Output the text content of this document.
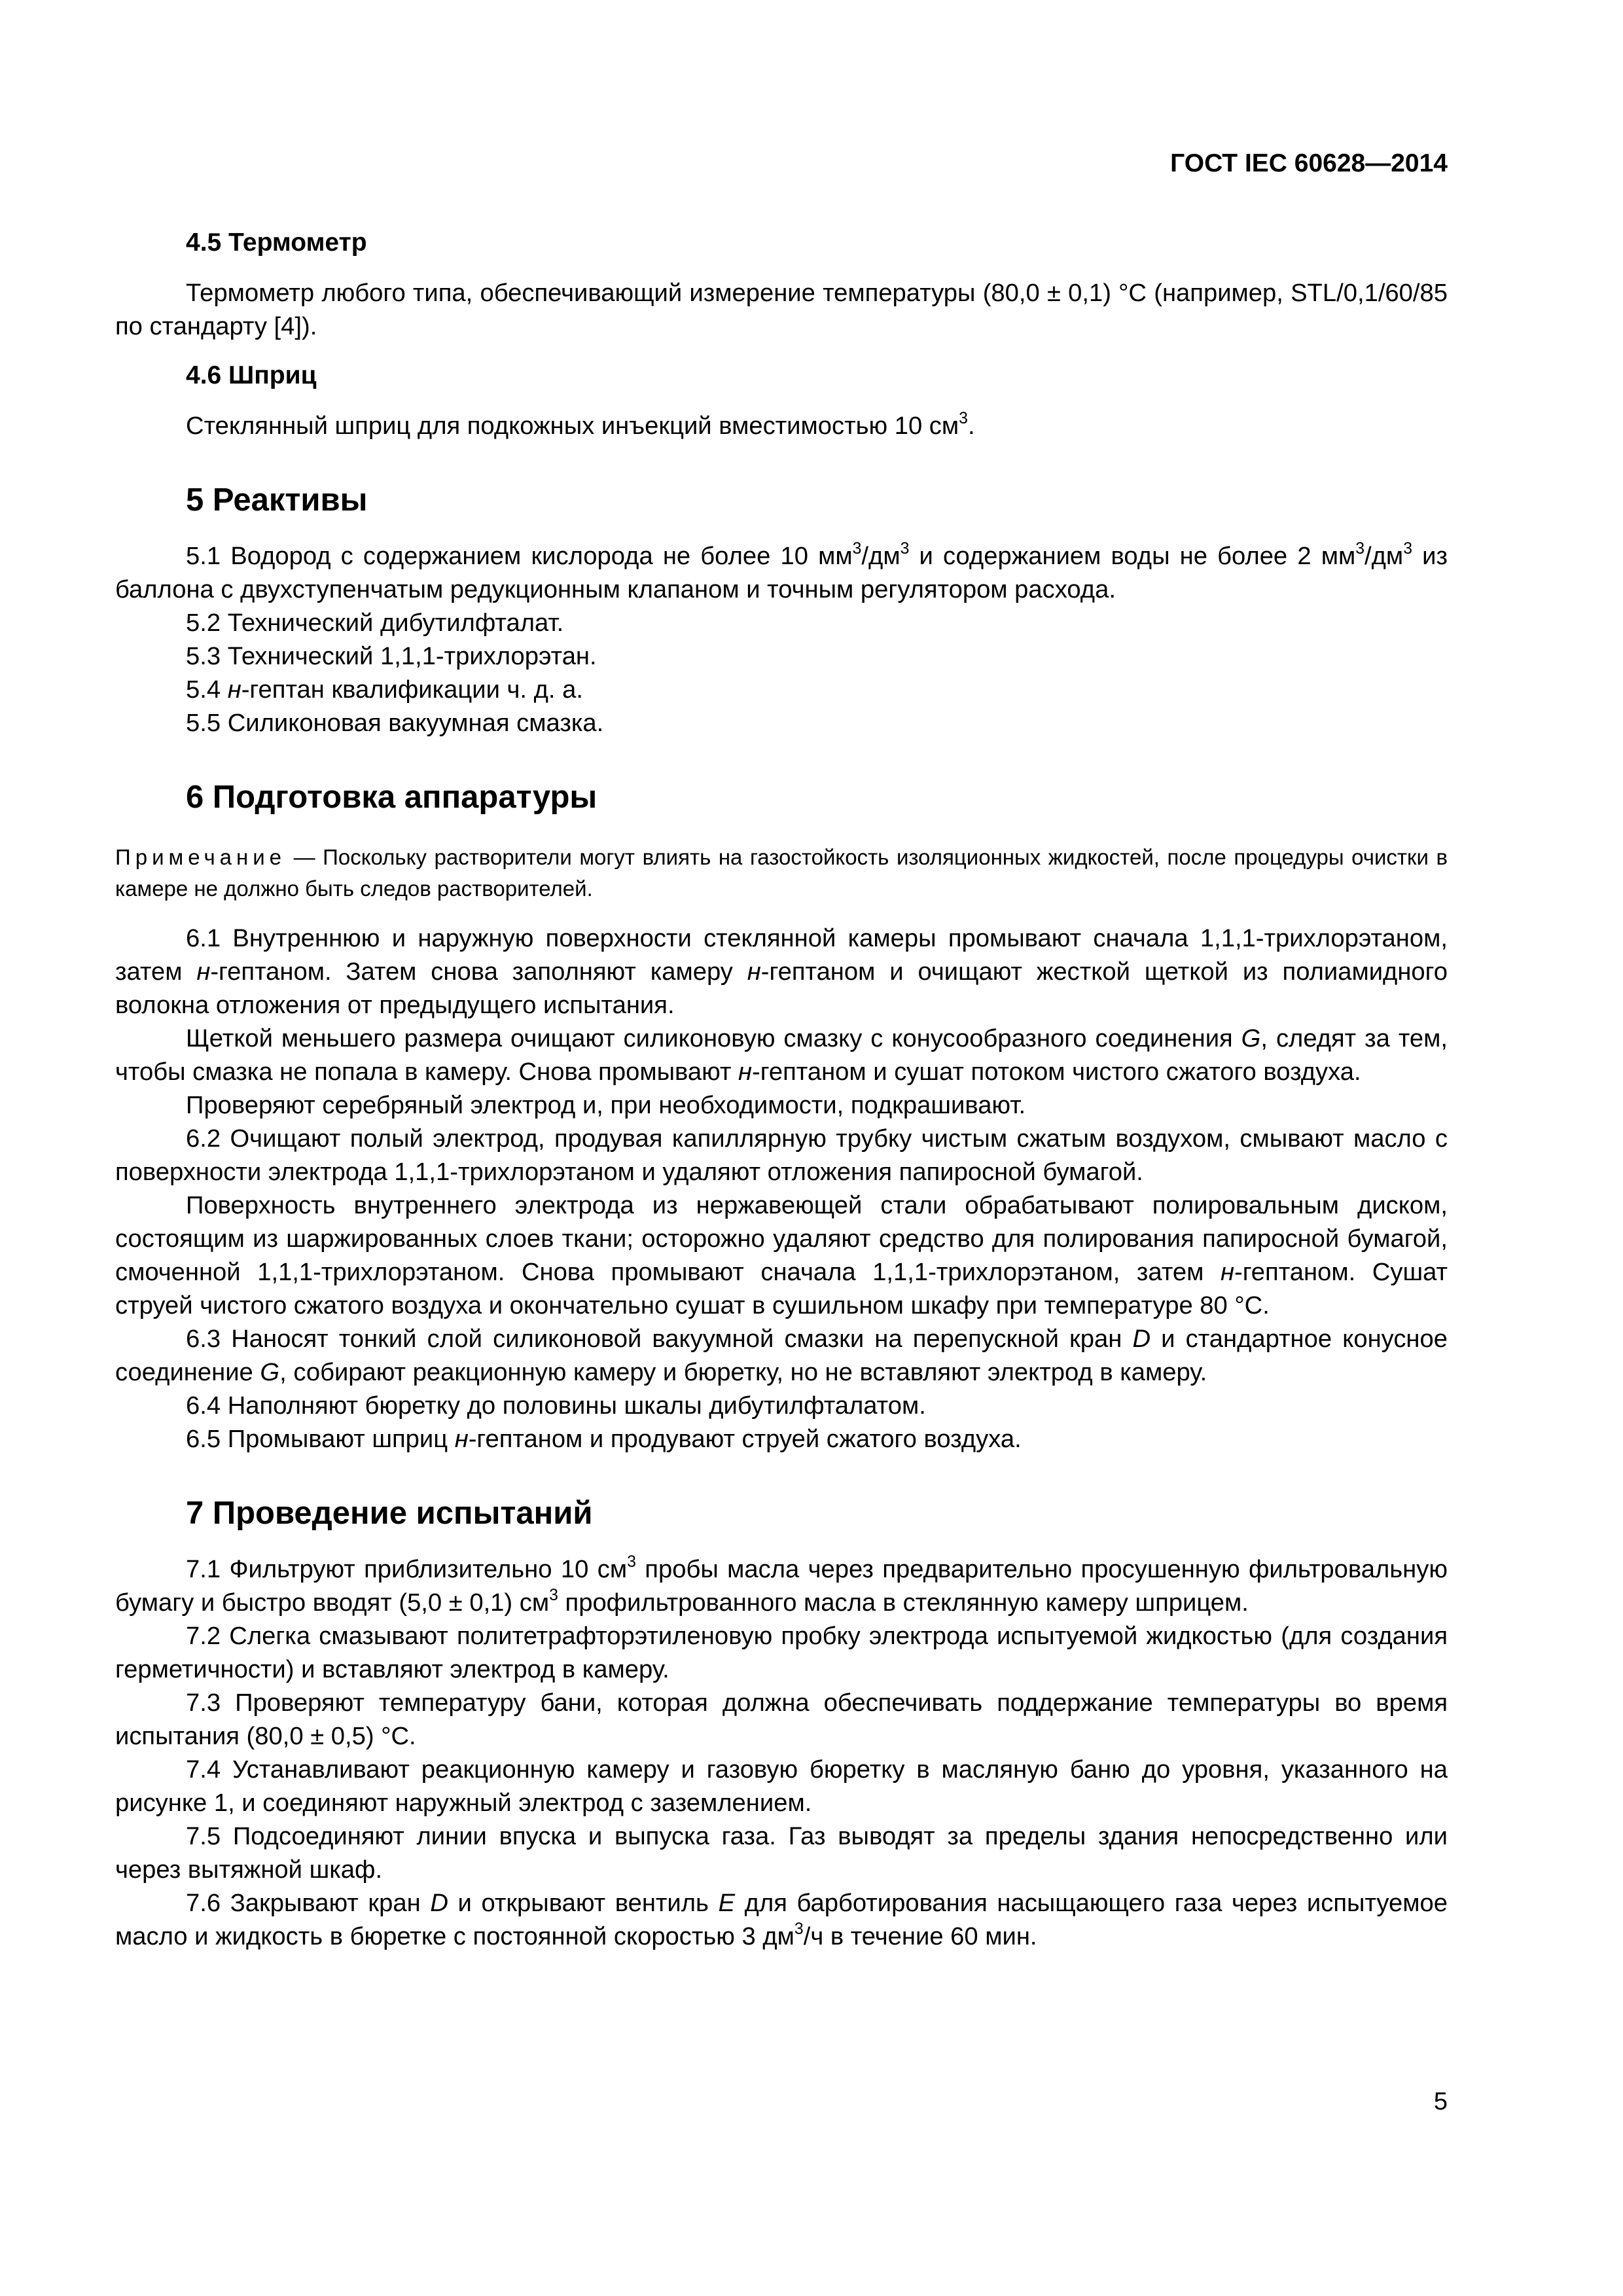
ГОСТ IEC 60628—2014
4.5 Термометр

Термометр любого типа, обеспечивающий измерение температуры (80,0 ± 0,1) °С (например, STL/0,1/60/85 по стандарту [4]).

4.6 Шприц

Стеклянный шприц для подкожных инъекций вместимостью 10 $см^3$.

5 Реактивы

5.1 Водород с содержанием кислорода не более 10 $мм^3/дм^3$ и содержанием воды не более 2 $мм^3/дм^3$ из баллона с двухступенчатым редукционным клапаном и точным регулятором расхода.

5.2 Технический дибутилфталат.

5.3 Технический 1,1,1-трихлорэтан.

5.4 н-гептан квалификации ч. д. а.

5.5 Силиконовая вакуумная смазка.

6 Подготовка аппаратуры

Примечание — Поскольку растворители могут влиять на газостойкость изоляционных жидкостей, после процедуры очистки в камере не должно быть следов растворителей.

6.1 Внутреннюю и наружную поверхности стеклянной камеры промывают сначала 1,1,1-трихлорэтаном, затем н-гептаном. Затем снова заполняют камеру н-гептаном и очищают жесткой щеткой из полиамидного волокна отложения от предыдущего испытания.

Щеткой меньшего размера очищают силиконовую смазку с конусообразного соединения G, следят за тем, чтобы смазка не попала в камеру. Снова промывают н-гептаном и сушат потоком чистого сжатого воздуха.

Проверяют серебряный электрод и, при необходимости, подкрашивают.

6.2 Очищают полый электрод, продувая капиллярную трубку чистым сжатым воздухом, смывают масло с поверхности электрода 1,1,1-трихлорэтаном и удаляют отложения папиросной бумагой.

Поверхность внутреннего электрода из нержавеющей стали обрабатывают полировальным диском, состоящим из шаржированных слоев ткани; осторожно удаляют средство для полирования папиросной бумагой, смоченной 1,1,1-трихлорэтаном. Снова промывают сначала 1,1,1-трихлорэтаном, затем н-гептаном. Сушат струей чистого сжатого воздуха и окончательно сушат в сушильном шкафу при температуре 80 °С.

6.3 Наносят тонкий слой силиконовой вакуумной смазки на перепускной кран D и стандартное конусное соединение G, собирают реакционную камеру и бюретку, но не вставляют электрод в камеру.

6.4 Наполняют бюретку до половины шкалы дибутилфталатом.

6.5 Промывают шприц н-гептаном и продувают струей сжатого воздуха.

7 Проведение испытаний

7.1 Фильтруют приблизительно 10 $см^3$ пробы масла через предварительно просушенную фильтровальную бумагу и быстро вводят (5,0 ± 0,1) $см^3$ профильтрованного масла в стеклянную камеру шприцем.

7.2 Слегка смазывают политетрафторэтиленовую пробку электрода испытуемой жидкостью (для создания герметичности) и вставляют электрод в камеру.

7.3 Проверяют температуру бани, которая должна обеспечивать поддержание температуры во время испытания (80,0 ± 0,5) °С.

7.4 Устанавливают реакционную камеру и газовую бюретку в масляную баню до уровня, указанного на рисунке 1, и соединяют наружный электрод с заземлением.

7.5 Подсоединяют линии впуска и выпуска газа. Газ выводят за пределы здания непосредственно или через вытяжной шкаф.

7.6 Закрывают кран D и открывают вентиль E для барботирования насыщающего газа через испытуемое масло и жидкость в бюретке с постоянной скоростью 3 $дм^3/ч$ в течение 60 мин.

5
